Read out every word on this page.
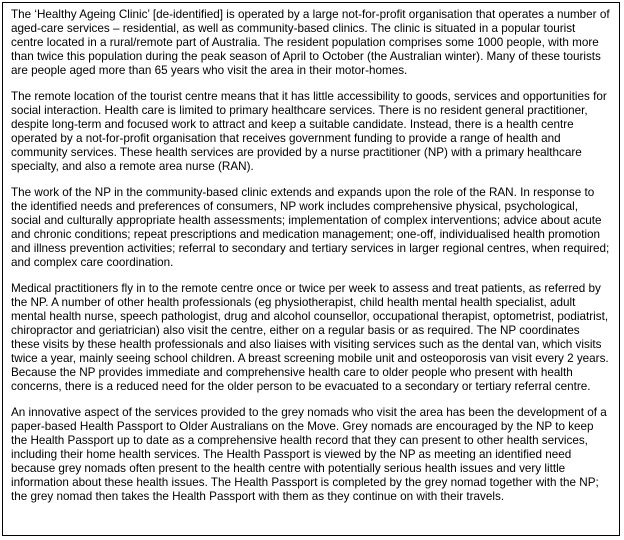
The ‘Healthy Ageing Clinic’ [de-identified] is operated by a large not-for-profit organisation that operates a number of aged-care services – residential, as well as community-based clinics. The clinic is situated in a popular tourist centre located in a rural/remote part of Australia. The resident population comprises some 1000 people, with more than twice this population during the peak season of April to October (the Australian winter). Many of these tourists are people aged more than 65 years who visit the area in their motor-homes.

The remote location of the tourist centre means that it has little accessibility to goods, services and opportunities for social interaction. Health care is limited to primary healthcare services. There is no resident general practitioner, despite long-term and focused work to attract and keep a suitable candidate. Instead, there is a health centre operated by a not-for-profit organisation that receives government funding to provide a range of health and community services. These health services are provided by a nurse practitioner (NP) with a primary healthcare specialty, and also a remote area nurse (RAN).

The work of the NP in the community-based clinic extends and expands upon the role of the RAN. In response to the identified needs and preferences of consumers, NP work includes comprehensive physical, psychological, social and culturally appropriate health assessments; implementation of complex interventions; advice about acute and chronic conditions; repeat prescriptions and medication management; one-off, individualised health promotion and illness prevention activities; referral to secondary and tertiary services in larger regional centres, when required; and complex care coordination.

Medical practitioners fly in to the remote centre once or twice per week to assess and treat patients, as referred by the NP. A number of other health professionals (eg physiotherapist, child health mental health specialist, adult mental health nurse, speech pathologist, drug and alcohol counsellor, occupational therapist, optometrist, podiatrist, chiropractor and geriatrician) also visit the centre, either on a regular basis or as required. The NP coordinates these visits by these health professionals and also liaises with visiting services such as the dental van, which visits twice a year, mainly seeing school children. A breast screening mobile unit and osteoporosis van visit every 2 years. Because the NP provides immediate and comprehensive health care to older people who present with health concerns, there is a reduced need for the older person to be evacuated to a secondary or tertiary referral centre.

An innovative aspect of the services provided to the grey nomads who visit the area has been the development of a paper-based Health Passport to Older Australians on the Move. Grey nomads are encouraged by the NP to keep the Health Passport up to date as a comprehensive health record that they can present to other health services, including their home health services. The Health Passport is viewed by the NP as meeting an identified need because grey nomads often present to the health centre with potentially serious health issues and very little information about these health issues. The Health Passport is completed by the grey nomad together with the NP; the grey nomad then takes the Health Passport with them as they continue on with their travels.
